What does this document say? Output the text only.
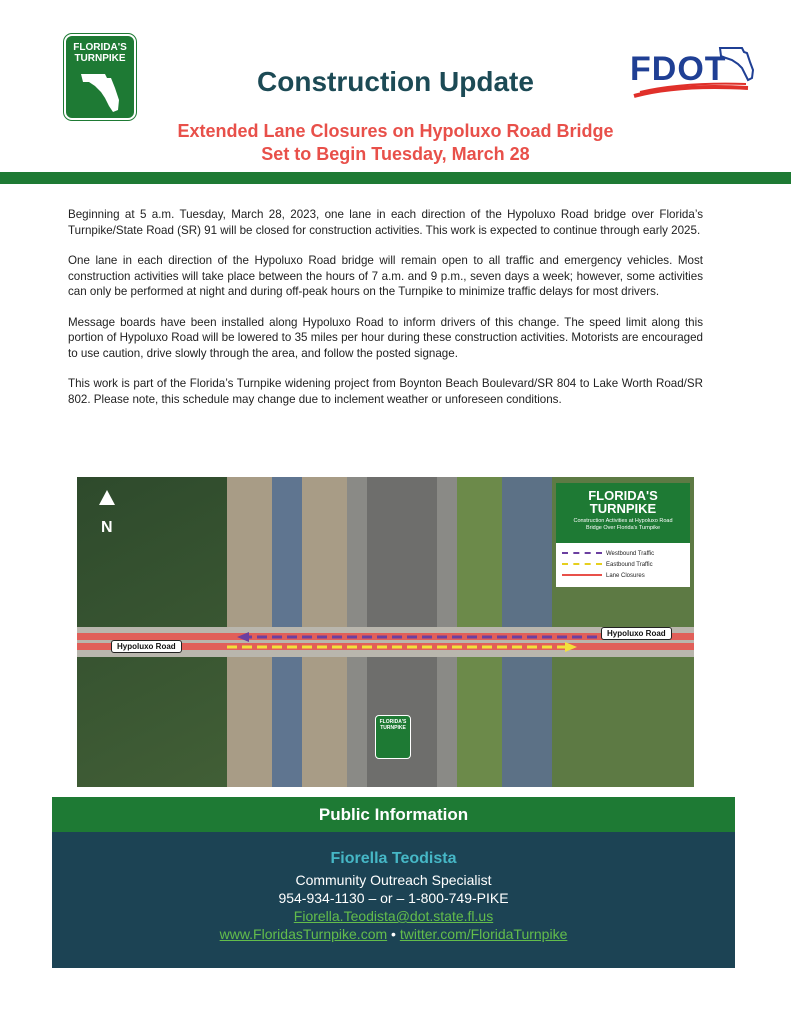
FLORIDA'S
TURNPIKE	FDOT
Construction Update
Extended Lane Closures on Hypoluxo Road Bridge
Set to Begin Tuesday, March 28

Beginning at 5 a.m. Tuesday, March 28, 2023, one lane in each direction of the Hypoluxo Road bridge over Florida’s Turnpike/State Road (SR) 91 will be closed for construction activities. This work is expected to continue through early 2025.

One lane in each direction of the Hypoluxo Road bridge will remain open to all traffic and emergency vehicles. Most construction activities will take place between the hours of 7 a.m. and 9 p.m., seven days a week; however, some activities can only be performed at night and during off-peak hours on the Turnpike to minimize traffic delays for most drivers.

Message boards have been installed along Hypoluxo Road to inform drivers of this change. The speed limit along this portion of Hypoluxo Road will be lowered to 35 miles per hour during these construction activities. Motorists are encouraged to use caution, drive slowly through the area, and follow the posted signage.

This work is part of the Florida’s Turnpike widening project from Boynton Beach Boulevard/SR 804 to Lake Worth Road/SR 802. Please note, this schedule may change due to inclement weather or unforeseen conditions.

N
Hypoluxo Road
Hypoluxo Road
FLORIDA'S
TURNPIKE
Construction Activities at Hypoluxo Road
Bridge Over Florida's Turnpike
Westbound Traffic
Eastbound Traffic
Lane Closures
FLORIDA'S
TURNPIKE
Public Information
Fiorella Teodista
Community Outreach Specialist
954-934-1130 – or – 1-800-749-PIKE
Fiorella.Teodista@dot.state.fl.us
www.FloridasTurnpike.com • twitter.com/FloridaTurnpike
